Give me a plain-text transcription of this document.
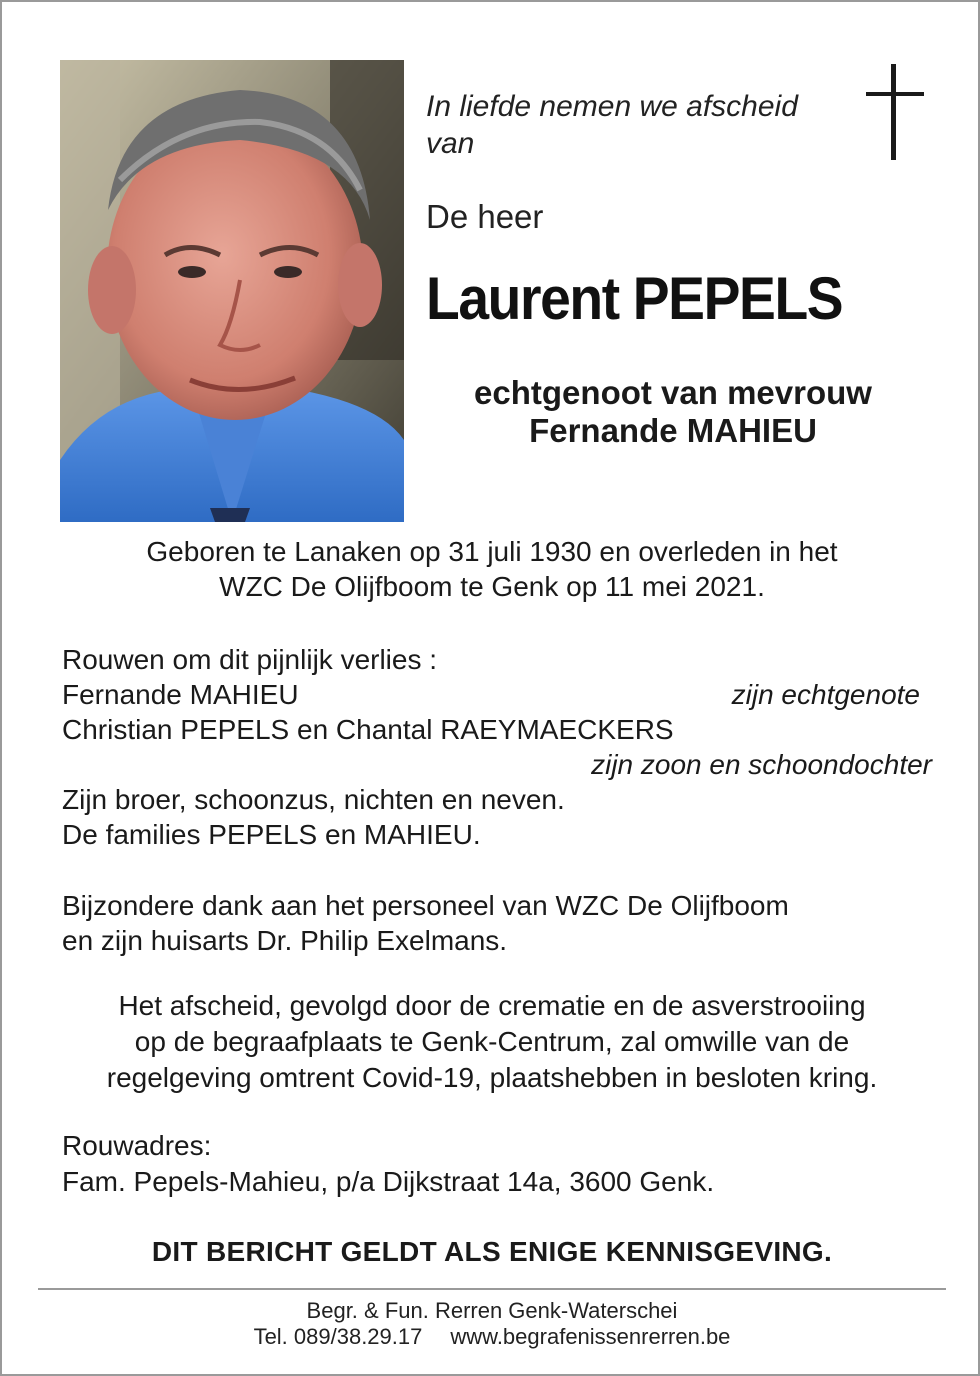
In liefde nemen we afscheid van
De heer
Laurent PEPELS
echtgenoot van mevrouw
Fernande MAHIEU
Geboren te Lanaken op 31 juli 1930 en overleden in het
WZC De Olijfboom te Genk op 11 mei 2021.
Rouwen om dit pijnlijk verlies :
Fernande MAHIEU	zijn echtgenote
Christian PEPELS en Chantal RAEYMAECKERS
zijn zoon en schoondochter
Zijn broer, schoonzus, nichten en neven.
De families PEPELS en MAHIEU.
Bijzondere dank aan het personeel van WZC De Olijfboom
en zijn huisarts Dr. Philip Exelmans.
Het afscheid, gevolgd door de crematie en de asverstrooiing
op de begraafplaats te Genk-Centrum, zal omwille van de
regelgeving omtrent Covid-19, plaatshebben in besloten kring.
Rouwadres:
Fam. Pepels-Mahieu, p/a Dijkstraat 14a, 3600 Genk.
DIT BERICHT GELDT ALS ENIGE KENNISGEVING.
Begr. & Fun. Rerren Genk-Waterschei
Tel. 089/38.29.17 www.begrafenissenrerren.be
